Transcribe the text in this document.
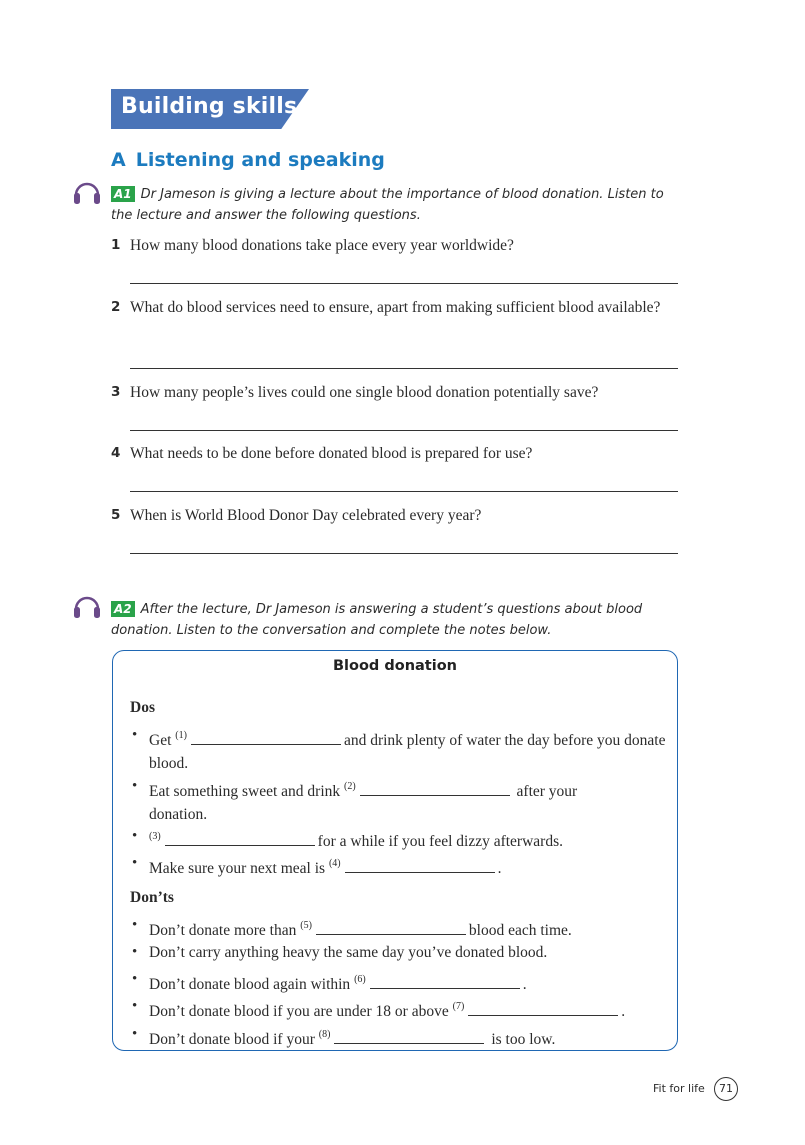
Building skills
A Listening and speaking
A1 Dr Jameson is giving a lecture about the importance of blood donation. Listen to the lecture and answer the following questions.
1 How many blood donations take place every year worldwide?
2 What do blood services need to ensure, apart from making sufficient blood available?
3 How many people’s lives could one single blood donation potentially save?
4 What needs to be done before donated blood is prepared for use?
5 When is World Blood Donor Day celebrated every year?
A2 After the lecture, Dr Jameson is answering a student’s questions about blood donation. Listen to the conversation and complete the notes below.
Blood donation
Dos
• Get $^{(1)}$	and drink plenty of water the day before you donate blood.
• Eat something sweet and drink $^{(2)}$	after your donation.
• $^{(3)}$	for a while if you feel dizzy afterwards.
• Make sure your next meal is $^{(4)}$	.
Don’ts
• Don’t donate more than $^{(5)}$	blood each time.
• Don’t carry anything heavy the same day you’ve donated blood.
• Don’t donate blood again within $^{(6)}$	.
• Don’t donate blood if you are under 18 or above $^{(7)}$	.
• Don’t donate blood if your $^{(8)}$	is too low.
Fit for life	71
